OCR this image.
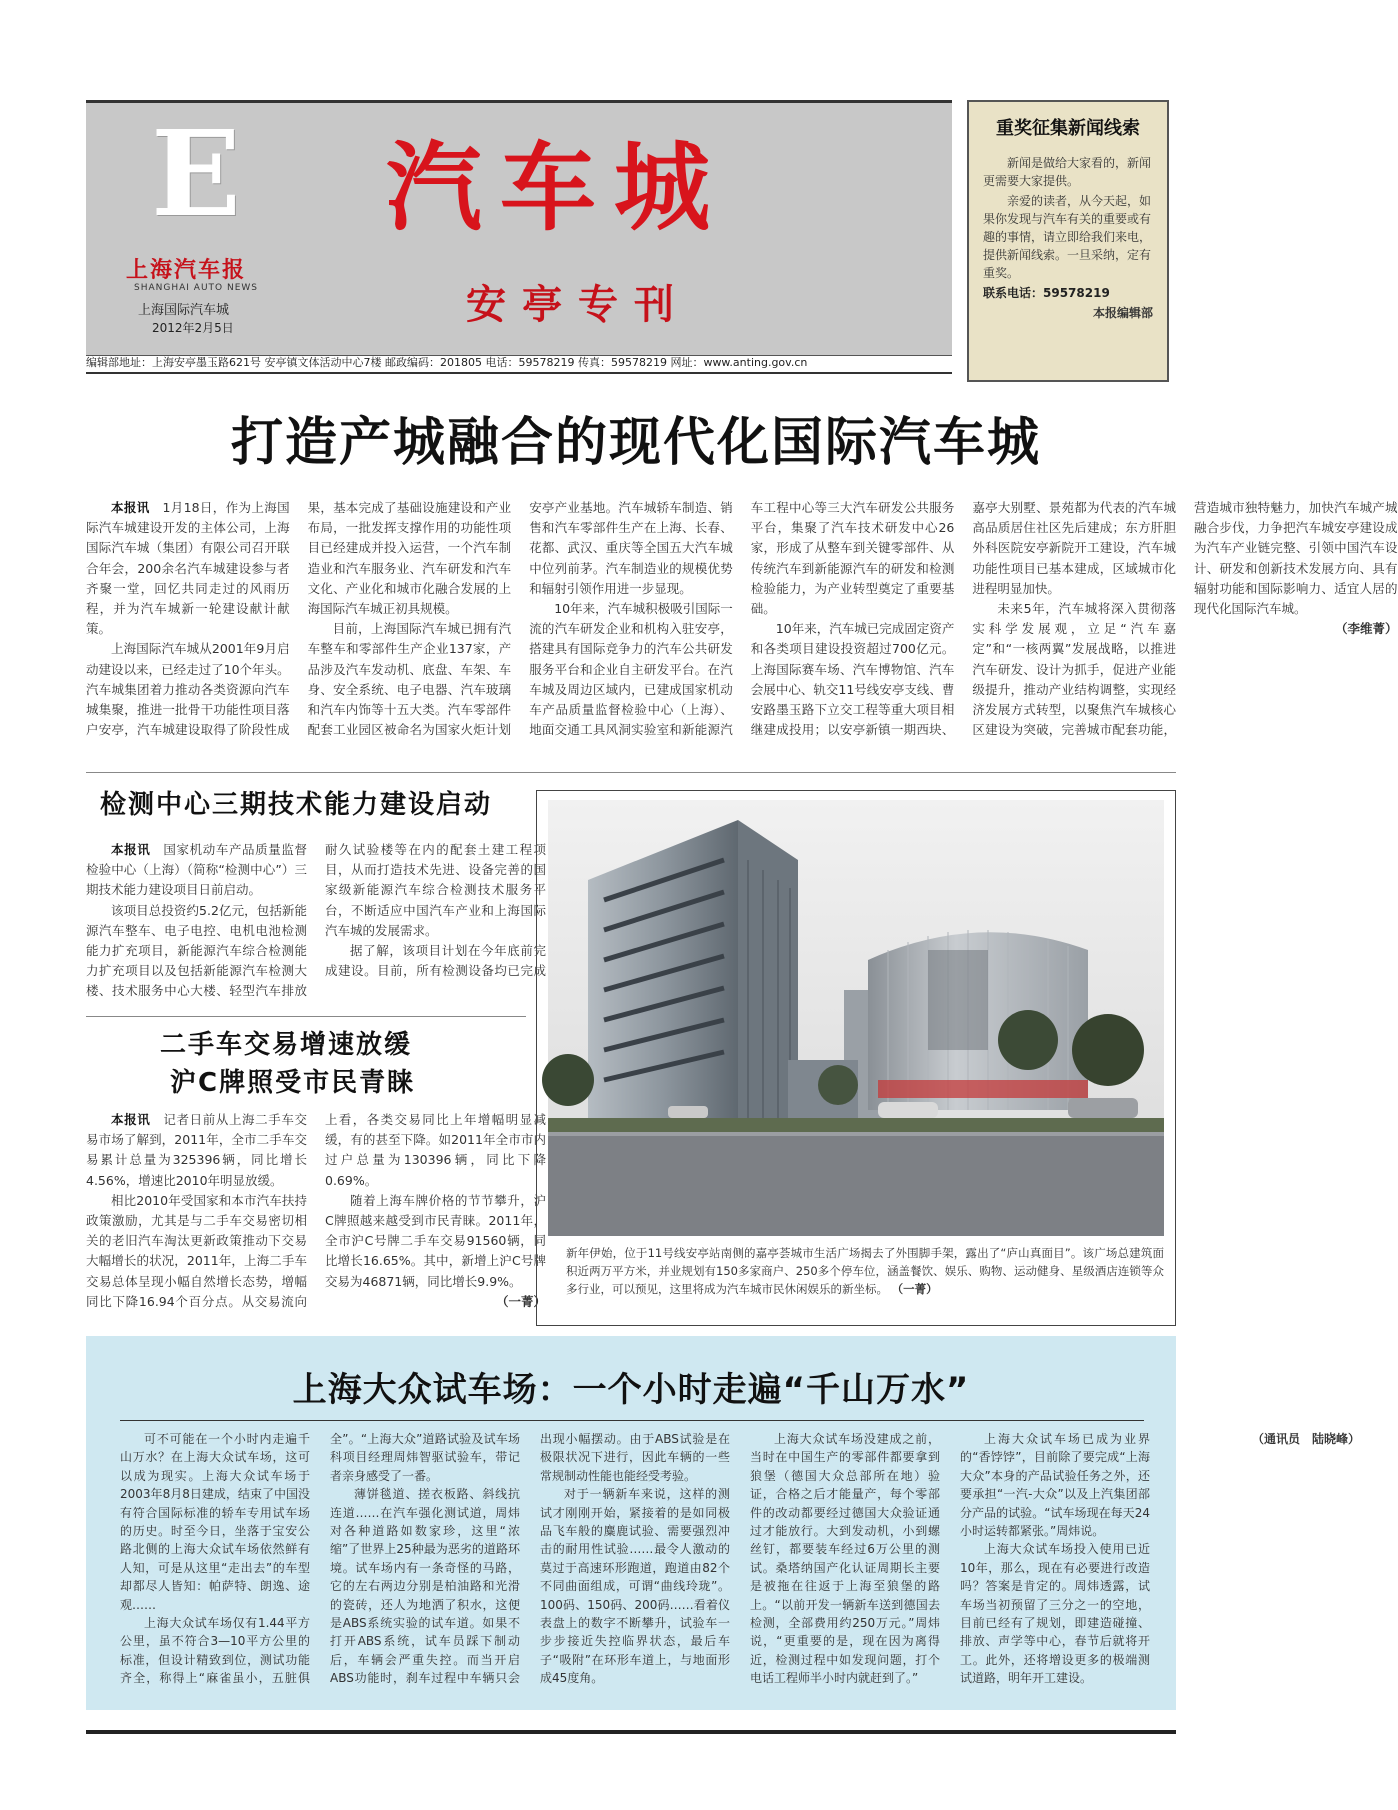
E
上海汽车报
SHANGHAI AUTO NEWS
上海国际汽车城
2012年2月5日
汽车城
安亭专刊
编辑部地址：上海安亭墨玉路621号 安亭镇文体活动中心7楼 邮政编码：201805 电话：59578219 传真：59578219 网址：www.anting.gov.cn
重奖征集新闻线索

新闻是做给大家看的，新闻更需要大家提供。

亲爱的读者，从今天起，如果你发现与汽车有关的重要或有趣的事情，请立即给我们来电，提供新闻线索。一旦采纳，定有重奖。

联系电话：59578219

本报编辑部

打造产城融合的现代化国际汽车城

本报讯　 1月18日，作为上海国际汽车城建设开发的主体公司，上海国际汽车城（集团）有限公司召开联合年会，200余名汽车城建设参与者齐聚一堂，回忆共同走过的风雨历程，并为汽车城新一轮建设献计献策。

上海国际汽车城从2001年9月启动建设以来，已经走过了10个年头。汽车城集团着力推动各类资源向汽车城集聚，推进一批骨干功能性项目落户安亭，汽车城建设取得了阶段性成果，基本完成了基础设施建设和产业布局，一批发挥支撑作用的功能性项目已经建成并投入运营，一个汽车制造业和汽车服务业、汽车研发和汽车文化、产业化和城市化融合发展的上海国际汽车城正初具规模。

目前，上海国际汽车城已拥有汽车整车和零部件生产企业137家，产品涉及汽车发动机、底盘、车架、车身、安全系统、电子电器、汽车玻璃和汽车内饰等十五大类。汽车零部件配套工业园区被命名为国家火炬计划安亭产业基地。汽车城轿车制造、销售和汽车零部件生产在上海、长春、花都、武汉、重庆等全国五大汽车城中位列前茅。汽车制造业的规模优势和辐射引领作用进一步显现。

10年来，汽车城积极吸引国际一流的汽车研发企业和机构入驻安亭，搭建具有国际竞争力的汽车公共研发服务平台和企业自主研发平台。在汽车城及周边区域内，已建成国家机动车产品质量监督检验中心（上海）、地面交通工具风洞实验室和新能源汽车工程中心等三大汽车研发公共服务平台，集聚了汽车技术研发中心26家，形成了从整车到关键零部件、从传统汽车到新能源汽车的研发和检测检验能力，为产业转型奠定了重要基础。

10年来，汽车城已完成固定资产和各类项目建设投资超过700亿元。上海国际赛车场、汽车博物馆、汽车会展中心、轨交11号线安亭支线、曹安路墨玉路下立交工程等重大项目相继建成投用；以安亭新镇一期西块、嘉亭大别墅、景苑都为代表的汽车城高品质居住社区先后建成；东方肝胆外科医院安亭新院开工建设，汽车城功能性项目已基本建成，区域城市化进程明显加快。

未来5年，汽车城将深入贯彻落实科学发展观，立足“汽车嘉定”和“一核两翼”发展战略，以推进汽车研发、设计为抓手，促进产业能级提升，推动产业结构调整，实现经济发展方式转型，以聚焦汽车城核心区建设为突破，完善城市配套功能，营造城市独特魅力，加快汽车城产城融合步伐，力争把汽车城安亭建设成为汽车产业链完整、引领中国汽车设计、研发和创新技术发展方向、具有辐射功能和国际影响力、适宜人居的现代化国际汽车城。

（李维菁）

检测中心三期技术能力建设启动

本报讯　 国家机动车产品质量监督检验中心（上海）（简称“检测中心”）三期技术能力建设项目日前启动。

该项目总投资约5.2亿元，包括新能源汽车整车、电子电控、电机电池检测能力扩充项目，新能源汽车综合检测能力扩充项目以及包括新能源汽车检测大楼、技术服务中心大楼、轻型汽车排放耐久试验楼等在内的配套土建工程项目，从而打造技术先进、设备完善的国家级新能源汽车综合检测技术服务平台，不断适应中国汽车产业和上海国际汽车城的发展需求。

据了解，该项目计划在今年底前完成建设。目前，所有检测设备均已完成

二手车交易增速放缓
沪C牌照受市民青睐

本报讯　 记者日前从上海二手车交易市场了解到，2011年，全市二手车交易累计总量为325396辆，同比增长4.56%，增速比2010年明显放缓。

相比2010年受国家和本市汽车扶持政策激励，尤其是与二手车交易密切相关的老旧汽车淘汰更新政策推动下交易大幅增长的状况，2011年，上海二手车交易总体呈现小幅自然增长态势，增幅同比下降16.94个百分点。从交易流向上看，各类交易同比上年增幅明显减缓，有的甚至下降。如2011年全市市内过户总量为130396辆，同比下降0.69%。

随着上海车牌价格的节节攀升，沪C牌照越来越受到市民青睐。2011年，全市沪C号牌二手车交易91560辆，同比增长16.65%。其中，新增上沪C号牌交易为46871辆，同比增长9.9%。

（一菁）

新年伊始，位于11号线安亭站南侧的嘉亭荟城市生活广场揭去了外围脚手架，露出了“庐山真面目”。该广场总建筑面积近两万平方米，并业规划有150多家商户、250多个停车位，涵盖餐饮、娱乐、购物、运动健身、星级酒店连锁等众多行业，可以预见，这里将成为汽车城市民休闲娱乐的新坐标。 （一菁）
上海大众试车场：一个小时走遍“千山万水”

可不可能在一个小时内走遍千山万水？在上海大众试车场，这可以成为现实。上海大众试车场于2003年8月8日建成，结束了中国没有符合国际标准的轿车专用试车场的历史。时至今日，坐落于宝安公路北侧的上海大众试车场依然鲜有人知，可是从这里“走出去”的车型却都尽人皆知：帕萨特、朗逸、途观……

上海大众试车场仅有1.44平方公里，虽不符合3—10平方公里的标准，但设计精致到位，测试功能齐全，称得上“麻雀虽小，五脏俱全”。“上海大众”道路试验及试车场科项目经理周炜智驱试验车，带记者亲身感受了一番。

薄饼毯道、搓衣板路、斜线抗连道……在汽车强化测试道，周炜对各种道路如数家珍，这里“浓缩”了世界上25种最为恶劣的道路环境。试车场内有一条奇怪的马路，它的左右两边分别是柏油路和光滑的瓷砖，还人为地洒了积水，这便是ABS系统实验的试车道。如果不打开ABS系统，试车员踩下制动后，车辆会严重失控。而当开启ABS功能时，刹车过程中车辆只会出现小幅摆动。由于ABS试验是在极限状况下进行，因此车辆的一些常规制动性能也能经受考验。

对于一辆新车来说，这样的测试才刚刚开始，紧接着的是如同极品飞车般的麋鹿试验、需要强烈冲击的耐用性试验……最令人激动的莫过于高速环形跑道，跑道由82个不同曲面组成，可谓“曲线玲珑”。100码、150码、200码……看着仪表盘上的数字不断攀升，试验车一步步接近失控临界状态，最后车子“吸附”在环形车道上，与地面形成45度角。

上海大众试车场没建成之前，当时在中国生产的零部件都要拿到狼堡（德国大众总部所在地）验证，合格之后才能量产，每个零部件的改动都要经过德国大众验证通过才能放行。大到发动机，小到螺丝钉，都要装车经过6万公里的测试。桑塔纳国产化认证周期长主要是被拖在往返于上海至狼堡的路上。“以前开发一辆新车送到德国去检测，全部费用约250万元。”周炜说，“更重要的是，现在因为离得近，检测过程中如发现问题，打个电话工程师半小时内就赶到了。”

上海大众试车场已成为业界的“香饽饽”，目前除了要完成“上海大众”本身的产品试验任务之外，还要承担“一汽-大众”以及上汽集团部分产品的试验。“试车场现在每天24小时运转都紧张。”周炜说。

上海大众试车场投入使用已近10年，那么，现在有必要进行改造吗？答案是肯定的。周炜透露，试车场当初预留了三分之一的空地，目前已经有了规划，即建造碰撞、排放、声学等中心，春节后就将开工。此外，还将增设更多的极端测试道路，明年开工建设。

（通讯员　陆晓峰）
